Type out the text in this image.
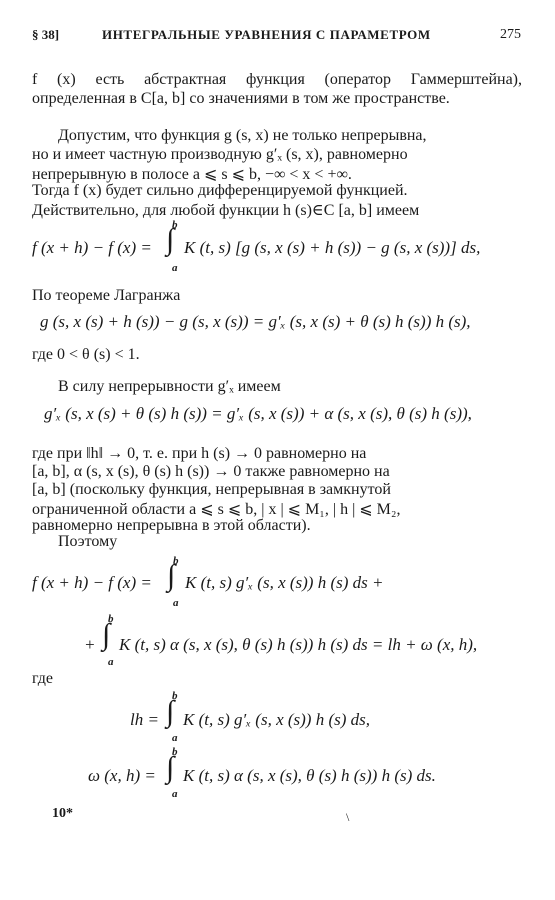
§ 38]	ИНТЕГРАЛЬНЫЕ УРАВНЕНИЯ С ПАРАМЕТРОМ	275
f (x) есть абстрактная функция (оператор Гаммерштейна), определенная в C[a, b] со значениями в том же пространстве.
Допустим, что функция g (s, x) не только непрерывна,
но и имеет частную производную g′ₓ (s, x), равномерно
непрерывную в полосе a ⩽ s ⩽ b, −∞ < x < +∞.
Тогда f (x) будет сильно дифференцируемой функцией.
Действительно, для любой функции h (s)∈C [a, b] имеем
f (x + h) − f (x) =
b
∫
a
K (t, s) [g (s, x (s) + h (s)) − g (s, x (s))] ds,
По теореме Лагранжа
g (s, x (s) + h (s)) − g (s, x (s)) = g′ₓ (s, x (s) + θ (s) h (s)) h (s),
где 0 < θ (s) < 1.
В силу непрерывности g′ₓ имеем
g′ₓ (s, x (s) + θ (s) h (s)) = g′ₓ (s, x (s)) + α (s, x (s), θ (s) h (s)),
где при ‖h‖ → 0, т. е. при h (s) → 0 равномерно на
[a, b], α (s, x (s), θ (s) h (s)) → 0 также равномерно на
[a, b] (поскольку функция, непрерывная в замкнутой
ограниченной области a ⩽ s ⩽ b, | x | ⩽ M₁, | h | ⩽ M₂,
равномерно непрерывна в этой области).
Поэтому
f (x + h) − f (x) =
b
∫
a
K (t, s) g′ₓ (s, x (s)) h (s) ds +
+
b
∫
a
K (t, s) α (s, x (s), θ (s) h (s)) h (s) ds = lh + ω (x, h),
где
lh =
b
∫
a
K (t, s) g′ₓ (s, x (s)) h (s) ds,
ω (x, h) =
b
∫
a
K (t, s) α (s, x (s), θ (s) h (s)) h (s) ds.
10*	\
